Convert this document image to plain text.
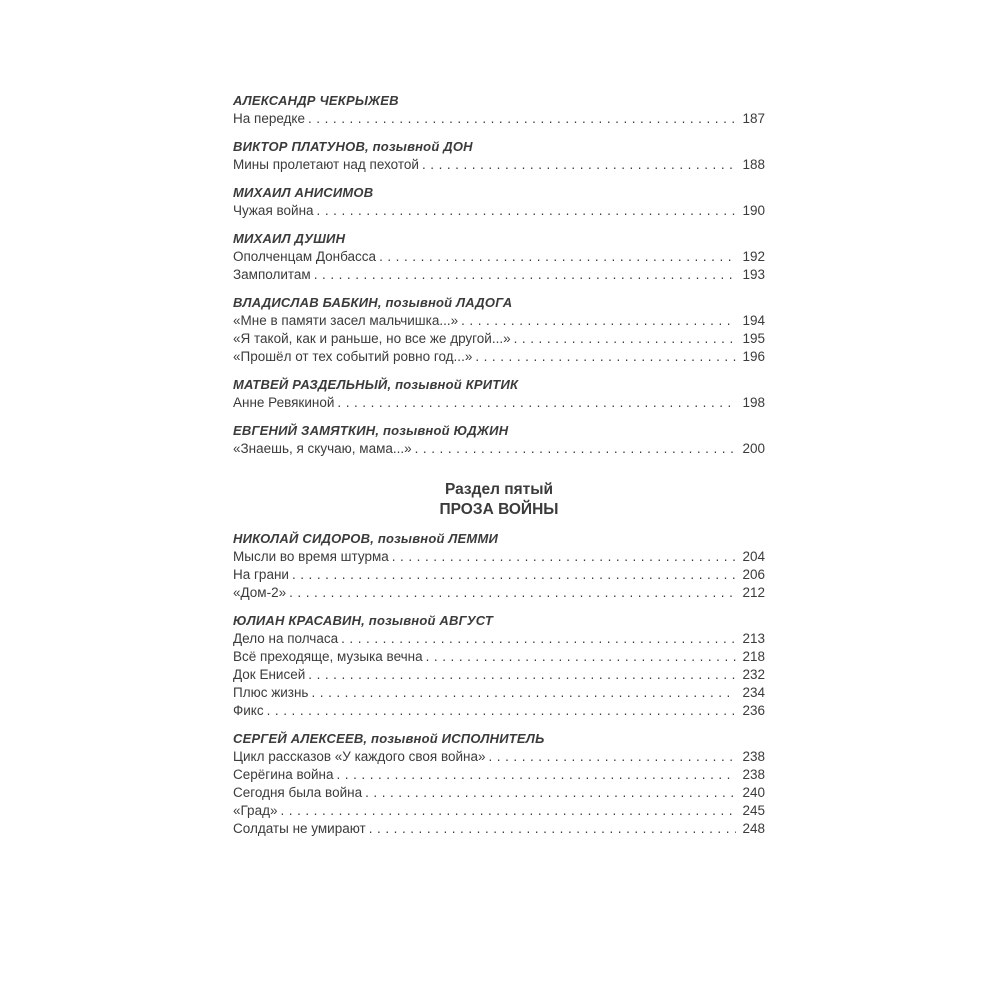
АЛЕКСАНДР ЧЕКРЫЖЕВ
На передке . . .	187
ВИКТОР ПЛАТУНОВ, позывной ДОН
Мины пролетают над пехотой . . .	188
МИХАИЛ АНИСИМОВ
Чужая война . . .	190
МИХАИЛ ДУШИН
Ополченцам Донбасса . . .	192
Замполитам . . .	193
ВЛАДИСЛАВ БАБКИН, позывной ЛАДОГА
«Мне в памяти засел мальчишка...» . . .	194
«Я такой, как и раньше, но все же другой...» . . .	195
«Прошёл от тех событий ровно год...» . . .	196
МАТВЕЙ РАЗДЕЛЬНЫЙ, позывной КРИТИК
Анне Ревякиной . . .	198
ЕВГЕНИЙ ЗАМЯТКИН, позывной ЮДЖИН
«Знаешь, я скучаю, мама...» . . .	200
Раздел пятый
ПРОЗА ВОЙНЫ
НИКОЛАЙ СИДОРОВ, позывной ЛЕММИ
Мысли во время штурма . . .	204
На грани . . .	206
«Дом-2» . . .	212
ЮЛИАН КРАСАВИН, позывной АВГУСТ
Дело на полчаса . . .	213
Всё преходяще, музыка вечна . . .	218
Док Енисей . . .	232
Плюс жизнь . . .	234
Фикс . . .	236
СЕРГЕЙ АЛЕКСЕЕВ, позывной ИСПОЛНИТЕЛЬ
Цикл рассказов «У каждого своя война» . . .	238
Серёгина война . . .	238
Сегодня была война . . .	240
«Град» . . .	245
Солдаты не умирают . . .	248
